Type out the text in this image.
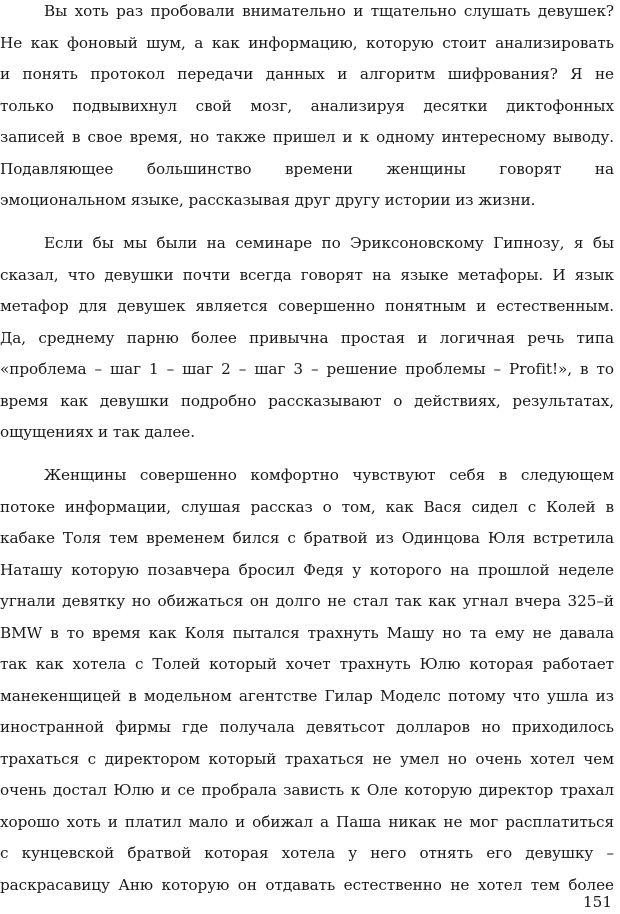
Вы хоть раз пробовали внимательно и тщательно слушать девушек?
Не как фоновый шум, а как информацию, которую стоит анализировать
и понять протокол передачи данных и алгоритм шифрования? Я не
только подвывихнул свой мозг, анализируя десятки диктофонных
записей в свое время, но также пришел и к одному интересному выводу.
Подавляющее большинство времени женщины говорят на
эмоциональном языке, рассказывая друг другу истории из жизни.
Если бы мы были на семинаре по Эриксоновскому Гипнозу, я бы
сказал, что девушки почти всегда говорят на языке метафоры. И язык
метафор для девушек является совершенно понятным и естественным.
Да, среднему парню более привычна простая и логичная речь типа
«проблема – шаг 1 – шаг 2 – шаг 3 – решение проблемы – Profit!», в то
время как девушки подробно рассказывают о действиях, результатах,
ощущениях и так далее.
Женщины совершенно комфортно чувствуют себя в следующем
потоке информации, слушая рассказ о том, как Вася сидел с Колей в
кабаке Толя тем временем бился с братвой из Одинцова Юля встретила
Наташу которую позавчера бросил Федя у которого на прошлой неделе
угнали девятку но обижаться он долго не стал так как угнал вчера 325–й
BMW в то время как Коля пытался трахнуть Машу но та ему не давала
так как хотела с Толей который хочет трахнуть Юлю которая работает
манекенщицей в модельном агентстве Гилар Моделс потому что ушла из
иностранной фирмы где получала девятьсот долларов но приходилось
трахаться с директором который трахаться не умел но очень хотел чем
очень достал Юлю и се пробрала зависть к Оле которую директор трахал
хорошо хоть и платил мало и обижал а Паша никак не мог расплатиться
с кунцевской братвой которая хотела у него отнять его девушку –
раскрасавицу Аню которую он отдавать естественно не хотел тем более
151
